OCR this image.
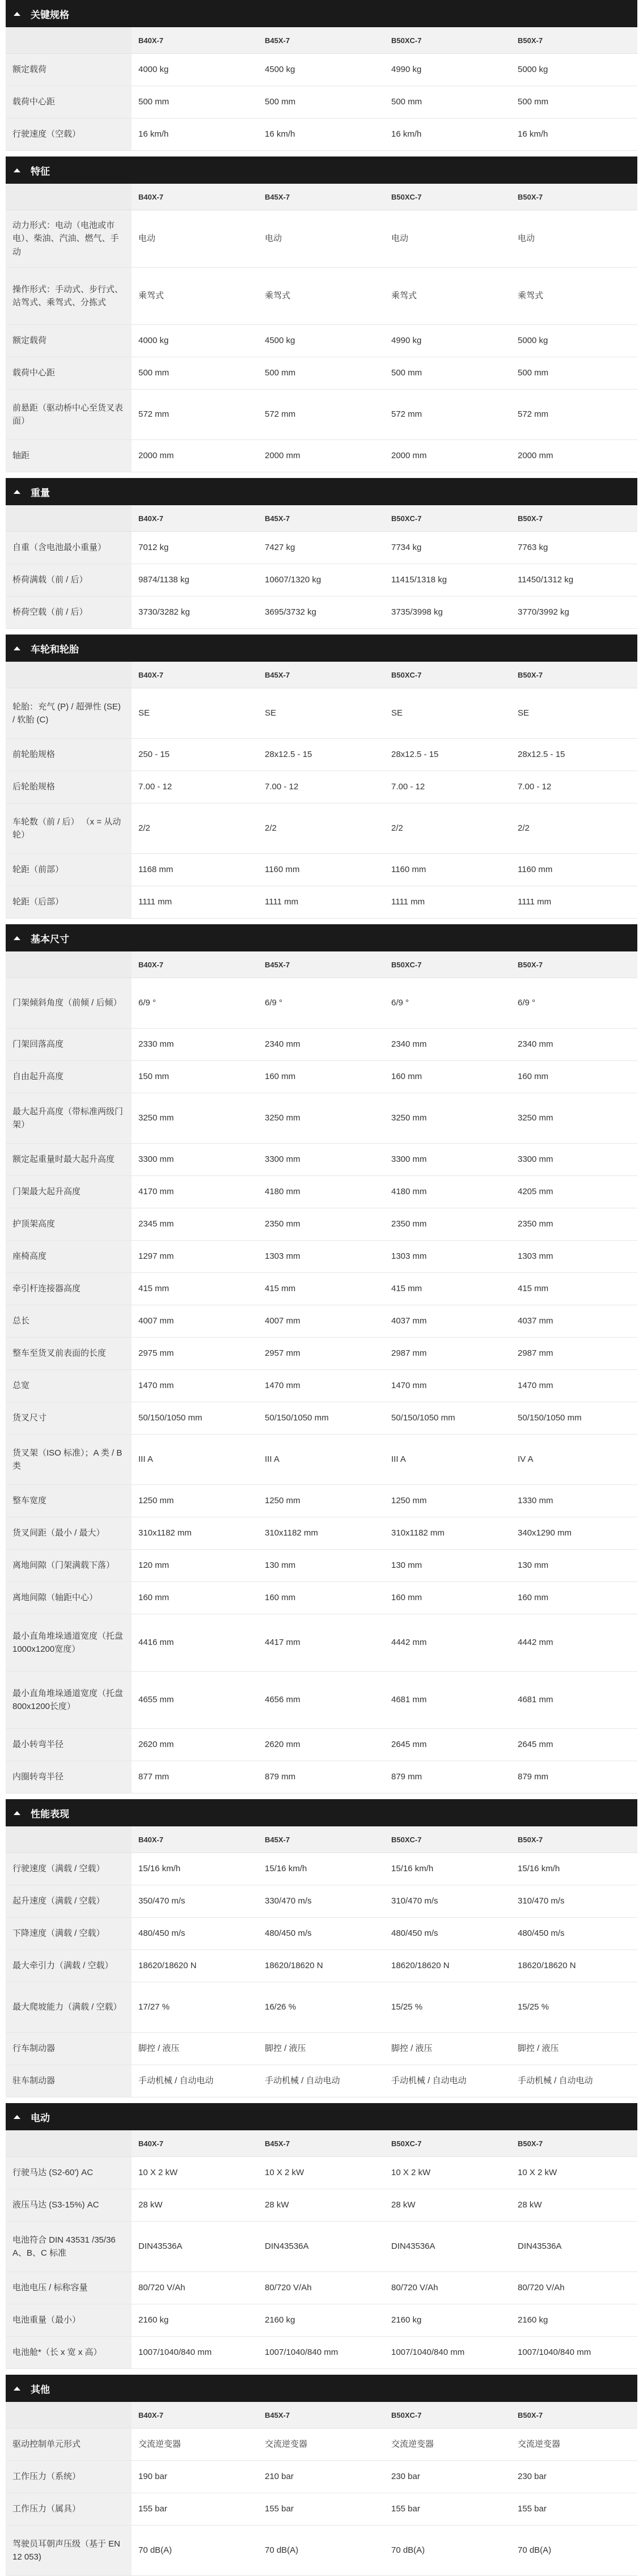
关键规格
	B40X-7	B45X-7	B50XC-7	B50X-7
额定载荷	4000 kg	4500 kg	4990 kg	5000 kg
载荷中心距	500 mm	500 mm	500 mm	500 mm
行驶速度（空载）	16 km/h	16 km/h	16 km/h	16 km/h
特征
	B40X-7	B45X-7	B50XC-7	B50X-7
动力形式：电动（电池或市电）、柴油、汽油、燃气、手动	电动	电动	电动	电动
操作形式：手动式、步行式、站驾式、乘驾式、分拣式	乘驾式	乘驾式	乘驾式	乘驾式
额定载荷	4000 kg	4500 kg	4990 kg	5000 kg
载荷中心距	500 mm	500 mm	500 mm	500 mm
前悬距（驱动桥中心至货叉表面）	572 mm	572 mm	572 mm	572 mm
轴距	2000 mm	2000 mm	2000 mm	2000 mm
重量
	B40X-7	B45X-7	B50XC-7	B50X-7
自重（含电池最小重量）	7012 kg	7427 kg	7734 kg	7763 kg
桥荷满载（前 / 后）	9874/1138 kg	10607/1320 kg	11415/1318 kg	11450/1312 kg
桥荷空载（前 / 后）	3730/3282 kg	3695/3732 kg	3735/3998 kg	3770/3992 kg
车轮和轮胎
	B40X-7	B45X-7	B50XC-7	B50X-7
轮胎：充气 (P) / 超弹性 (SE) / 软胎 (C)	SE	SE	SE	SE
前轮胎规格	250 - 15	28x12.5 - 15	28x12.5 - 15	28x12.5 - 15
后轮胎规格	7.00 - 12	7.00 - 12	7.00 - 12	7.00 - 12
车轮数（前 / 后） （x = 从动轮）	2/2	2/2	2/2	2/2
轮距（前部）	1168 mm	1160 mm	1160 mm	1160 mm
轮距（后部）	1111 mm	1111 mm	1111 mm	1111 mm
基本尺寸
	B40X-7	B45X-7	B50XC-7	B50X-7
门架倾斜角度（前倾 / 后倾）	6/9 °	6/9 °	6/9 °	6/9 °
门架回落高度	2330 mm	2340 mm	2340 mm	2340 mm
自由起升高度	150 mm	160 mm	160 mm	160 mm
最大起升高度（带标准两级门架）	3250 mm	3250 mm	3250 mm	3250 mm
额定起重量时最大起升高度	3300 mm	3300 mm	3300 mm	3300 mm
门架最大起升高度	4170 mm	4180 mm	4180 mm	4205 mm
护顶架高度	2345 mm	2350 mm	2350 mm	2350 mm
座椅高度	1297 mm	1303 mm	1303 mm	1303 mm
牵引杆连接器高度	415 mm	415 mm	415 mm	415 mm
总长	4007 mm	4007 mm	4037 mm	4037 mm
整车至货叉前表面的长度	2975 mm	2957 mm	2987 mm	2987 mm
总宽	1470 mm	1470 mm	1470 mm	1470 mm
货叉尺寸	50/150/1050 mm	50/150/1050 mm	50/150/1050 mm	50/150/1050 mm
货叉架（ISO 标准）；A 类 / B 类	III A	III A	III A	IV A
整车宽度	1250 mm	1250 mm	1250 mm	1330 mm
货叉间距（最小 / 最大）	310x1182 mm	310x1182 mm	310x1182 mm	340x1290 mm
离地间隙（门架满载下落）	120 mm	130 mm	130 mm	130 mm
离地间隙（轴距中心）	160 mm	160 mm	160 mm	160 mm
最小直角堆垛通道宽度（托盘1000x1200宽度）	4416 mm	4417 mm	4442 mm	4442 mm
最小直角堆垛通道宽度（托盘800x1200长度）	4655 mm	4656 mm	4681 mm	4681 mm
最小转弯半径	2620 mm	2620 mm	2645 mm	2645 mm
内圈转弯半径	877 mm	879 mm	879 mm	879 mm
性能表现
	B40X-7	B45X-7	B50XC-7	B50X-7
行驶速度（满载 / 空载）	15/16 km/h	15/16 km/h	15/16 km/h	15/16 km/h
起升速度（满载 / 空载）	350/470 m/s	330/470 m/s	310/470 m/s	310/470 m/s
下降速度（满载 / 空载）	480/450 m/s	480/450 m/s	480/450 m/s	480/450 m/s
最大牵引力（满载 / 空载）	18620/18620 N	18620/18620 N	18620/18620 N	18620/18620 N
最大爬坡能力（满载 / 空载）	17/27 %	16/26 %	15/25 %	15/25 %
行车制动器	脚控 / 液压	脚控 / 液压	脚控 / 液压	脚控 / 液压
驻车制动器	手动机械 / 自动电动	手动机械 / 自动电动	手动机械 / 自动电动	手动机械 / 自动电动
电动
	B40X-7	B45X-7	B50XC-7	B50X-7
行驶马达 (S2-60') AC	10 X 2 kW	10 X 2 kW	10 X 2 kW	10 X 2 kW
液压马达 (S3-15%) AC	28 kW	28 kW	28 kW	28 kW
电池符合 DIN 43531 /35/36 A、B、C 标准	DIN43536A	DIN43536A	DIN43536A	DIN43536A
电池电压 / 标称容量	80/720 V/Ah	80/720 V/Ah	80/720 V/Ah	80/720 V/Ah
电池重量（最小）	2160 kg	2160 kg	2160 kg	2160 kg
电池舱*（长 x 宽 x 高）	1007/1040/840 mm	1007/1040/840 mm	1007/1040/840 mm	1007/1040/840 mm
其他
	B40X-7	B45X-7	B50XC-7	B50X-7
驱动控制单元形式	交流逆变器	交流逆变器	交流逆变器	交流逆变器
工作压力（系统）	190 bar	210 bar	230 bar	230 bar
工作压力（属具）	155 bar	155 bar	155 bar	155 bar
驾驶员耳朝声压级（基于 EN 12 053)	70 dB(A)	70 dB(A)	70 dB(A)	70 dB(A)
